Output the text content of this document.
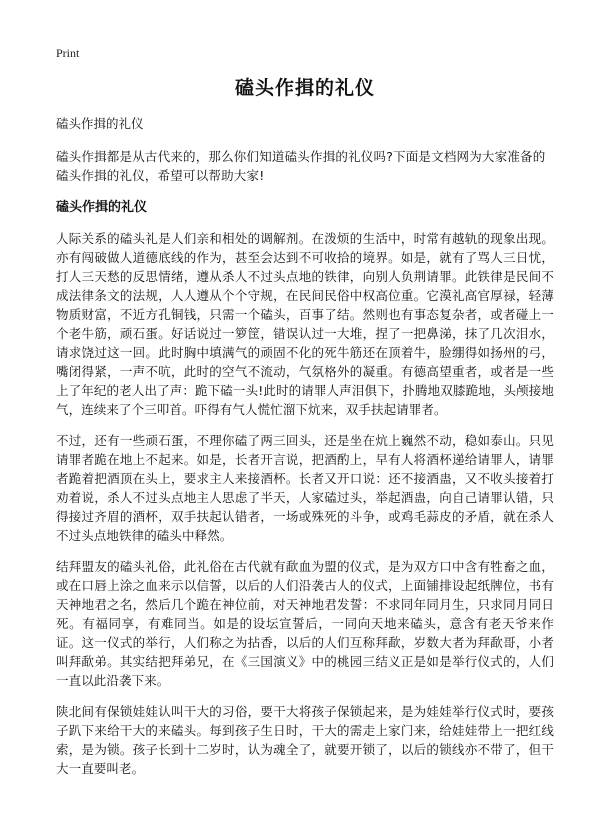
Print
磕头作揖的礼仪
磕头作揖的礼仪

磕头作揖都是从古代来的，那么你们知道磕头作揖的礼仪吗?下面是文档网为大家准备的磕头作揖的礼仪，希望可以帮助大家!

磕头作揖的礼仪

人际关系的磕头礼是人们亲和相处的调解剂。在泼烦的生活中，时常有越轨的现象出现。亦有闯破做人道德底线的作为，甚至会达到不可收拾的境界。如是，就有了骂人三日忧，打人三天愁的反思情绪，遵从杀人不过头点地的铁律，向别人负荆请罪。此铁律是民间不成法律条文的法规，人人遵从个个守规，在民间民俗中权高位重。它漠礼高官厚禄，轻薄物质财富，不近方孔铜钱，只需一个磕头，百事了结。然则也有事态复杂者，或者碰上一个老牛筋，顽石蛋。好话说过一箩筐，错误认过一大堆，捏了一把鼻涕，抹了几次泪水，请求饶过这一回。此时胸中填满气的顽固不化的死牛筋还在顶着牛，脸绷得如扬州的弓，嘴闭得紧，一声不吭，此时的空气不流动，气氛格外的凝重。有德高望重者，或者是一些上了年纪的老人出了声：跪下磕一头!此时的请罪人声泪俱下，扑腾地双膝跪地，头颅接地气，连续来了个三叩首。吓得有气人慌忙溜下炕来，双手扶起请罪者。

不过，还有一些顽石蛋，不理你磕了两三回头，还是坐在炕上巍然不动，稳如泰山。只见请罪者跪在地上不起来。如是，长者开言说，把酒酌上，早有人将酒杯递给请罪人，请罪者跪着把酒顶在头上，要求主人来接酒杯。长者又开口说：还不接酒蛊，又不收头接着打劝着说，杀人不过头点地主人思虑了半天，人家磕过头，举起酒蛊，向自己请罪认错，只得接过齐眉的酒杯，双手扶起认错者，一场或殊死的斗争，或鸡毛蒜皮的矛盾，就在杀人不过头点地铁律的磕头中释然。

结拜盟友的磕头礼俗，此礼俗在古代就有歃血为盟的仪式，是为双方口中含有牲畜之血，或在口唇上涂之血来示以信誓，以后的人们沿袭古人的仪式，上面铺排设起纸牌位，书有天神地君之名，然后几个跪在神位前，对天神地君发誓：不求同年同月生，只求同月同日死。有福同享，有难同当。如是的设坛宣誓后，一同向天地来磕头，意含有老天爷来作证。这一仪式的举行，人们称之为拈香，以后的人们互称拜歃，岁数大者为拜歃哥，小者叫拜歃弟。其实结把拜弟兄，在《三国演义》中的桃园三结义正是如是举行仪式的，人们一直以此沿袭下来。

陕北间有保锁娃娃认叫干大的习俗，要干大将孩子保锁起来，是为娃娃举行仪式时，要孩子趴下来给干大的来磕头。每到孩子生日时，干大的需走上家门来，给娃娃带上一把红线索，是为锁。孩子长到十二岁时，认为魂全了，就要开锁了，以后的锁线亦不带了，但干大一直要叫老。
